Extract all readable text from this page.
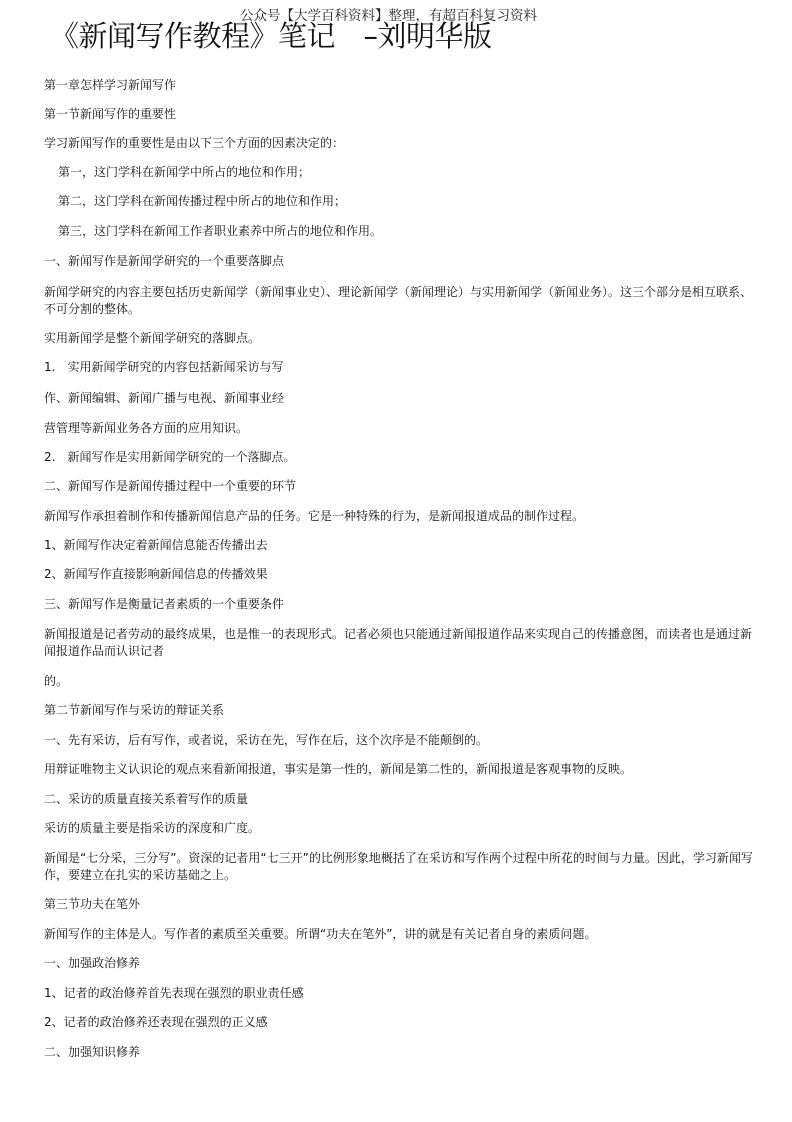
公众号【大学百科资料】整理，有超百科复习资料
《新闻写作教程》笔记　–刘明华版
第一章怎样学习新闻写作
第一节新闻写作的重要性
学习新闻写作的重要性是由以下三个方面的因素决定的：
第一，这门学科在新闻学中所占的地位和作用；
第二，这门学科在新闻传播过程中所占的地位和作用；
第三，这门学科在新闻工作者职业素养中所占的地位和作用。
一、新闻写作是新闻学研究的一个重要落脚点
新闻学研究的内容主要包括历史新闻学（新闻事业史）、理论新闻学（新闻理论）与实用新闻学（新闻业务）。这三个部分是相互联系、不可分割的整体。
实用新闻学是整个新闻学研究的落脚点。
1.　实用新闻学研究的内容包括新闻采访与写
作、新闻编辑、新闻广播与电视、新闻事业经
营管理等新闻业务各方面的应用知识。
2.　新闻写作是实用新闻学研究的一个落脚点。
二、新闻写作是新闻传播过程中一个重要的环节
新闻写作承担着制作和传播新闻信息产品的任务。它是一种特殊的行为，是新闻报道成品的制作过程。
1、新闻写作决定着新闻信息能否传播出去
2、新闻写作直接影响新闻信息的传播效果
三、新闻写作是衡量记者素质的一个重要条件
新闻报道是记者劳动的最终成果，也是惟一的表现形式。记者必须也只能通过新闻报道作品来实现自己的传播意图，而读者也是通过新闻报道作品而认识记者
的。
第二节新闻写作与采访的辩证关系
一、先有采访，后有写作，或者说，采访在先，写作在后，这个次序是不能颠倒的。
用辩证唯物主义认识论的观点来看新闻报道，事实是第一性的，新闻是第二性的，新闻报道是客观事物的反映。
二、采访的质量直接关系着写作的质量
采访的质量主要是指采访的深度和广度。
新闻是“七分采，三分写”。资深的记者用“七三开”的比例形象地概括了在采访和写作两个过程中所花的时间与力量。因此，学习新闻写作，要建立在扎实的采访基础之上。
第三节功夫在笔外
新闻写作的主体是人。写作者的素质至关重要。所谓“功夫在笔外”，讲的就是有关记者自身的素质问题。
一、加强政治修养
1、记者的政治修养首先表现在强烈的职业责任感
2、记者的政治修养还表现在强烈的正义感
二、加强知识修养
